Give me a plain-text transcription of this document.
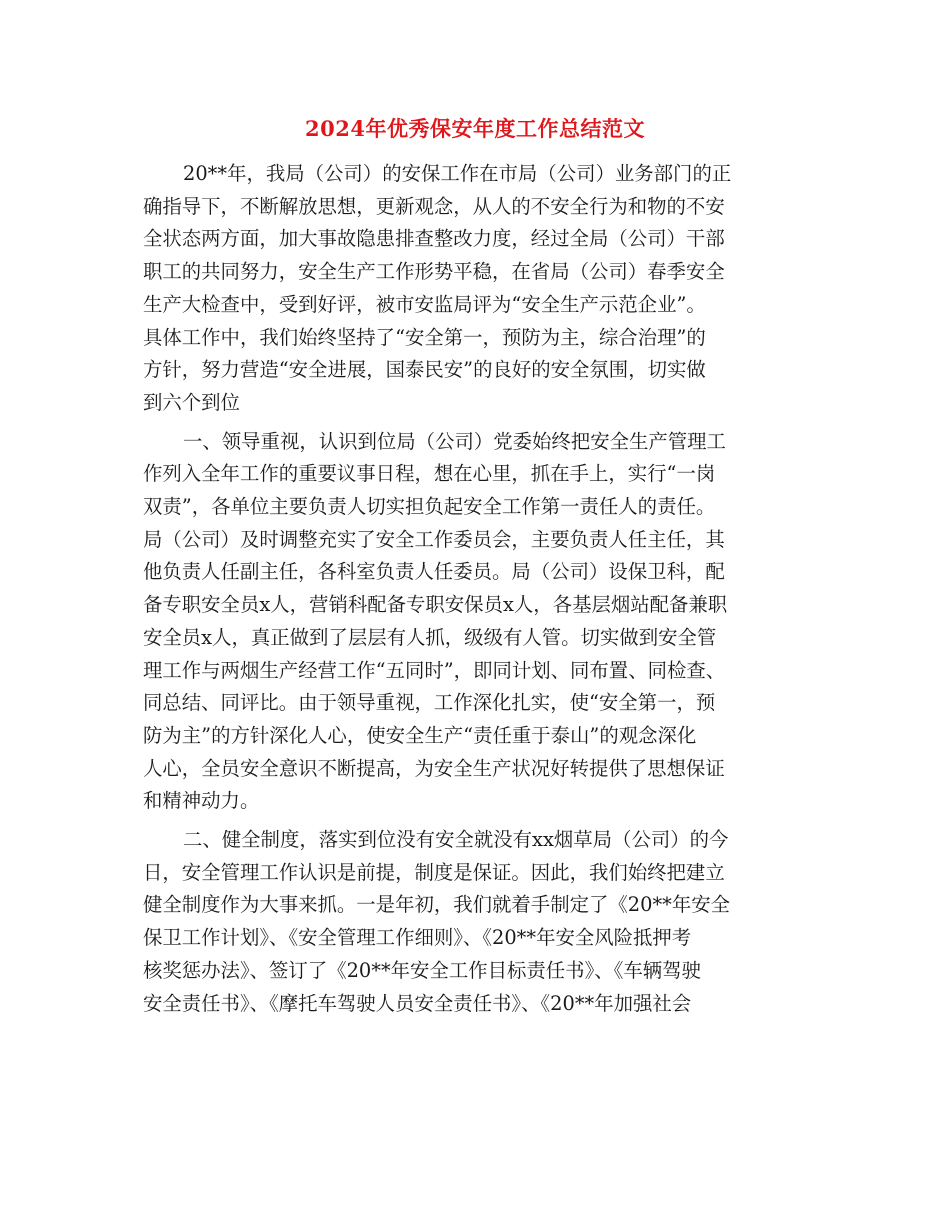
2024年优秀保安年度工作总结范文

20**年，我局（公司）的安保工作在市局（公司）业务部门的正
确指导下，不断解放思想，更新观念，从人的不安全行为和物的不安
全状态两方面，加大事故隐患排查整改力度，经过全局（公司）干部
职工的共同努力，安全生产工作形势平稳，在省局（公司）春季安全
生产大检查中，受到好评，被市安监局评为“安全生产示范企业”。
具体工作中，我们始终坚持了“安全第一，预防为主，综合治理”的
方针，努力营造“安全进展，国泰民安”的良好的安全氛围，切实做
到六个到位

一、领导重视，认识到位局（公司）党委始终把安全生产管理工
作列入全年工作的重要议事日程，想在心里，抓在手上，实行“一岗
双责”，各单位主要负责人切实担负起安全工作第一责任人的责任。
局（公司）及时调整充实了安全工作委员会，主要负责人任主任，其
他负责人任副主任，各科室负责人任委员。局（公司）设保卫科，配
备专职安全员x人，营销科配备专职安保员x人，各基层烟站配备兼职
安全员x人，真正做到了层层有人抓，级级有人管。切实做到安全管
理工作与两烟生产经营工作“五同时”，即同计划、同布置、同检查、
同总结、同评比。由于领导重视，工作深化扎实，使“安全第一，预
防为主”的方针深化人心，使安全生产“责任重于泰山”的观念深化
人心，全员安全意识不断提高，为安全生产状况好转提供了思想保证
和精神动力。

二、健全制度，落实到位没有安全就没有xx烟草局（公司）的今
日，安全管理工作认识是前提，制度是保证。因此，我们始终把建立
健全制度作为大事来抓。一是年初，我们就着手制定了《20**年安全
保卫工作计划》、《安全管理工作细则》、《20**年安全风险抵押考
核奖惩办法》、签订了《20**年安全工作目标责任书》、《车辆驾驶
安全责任书》、《摩托车驾驶人员安全责任书》、《20**年加强社会
